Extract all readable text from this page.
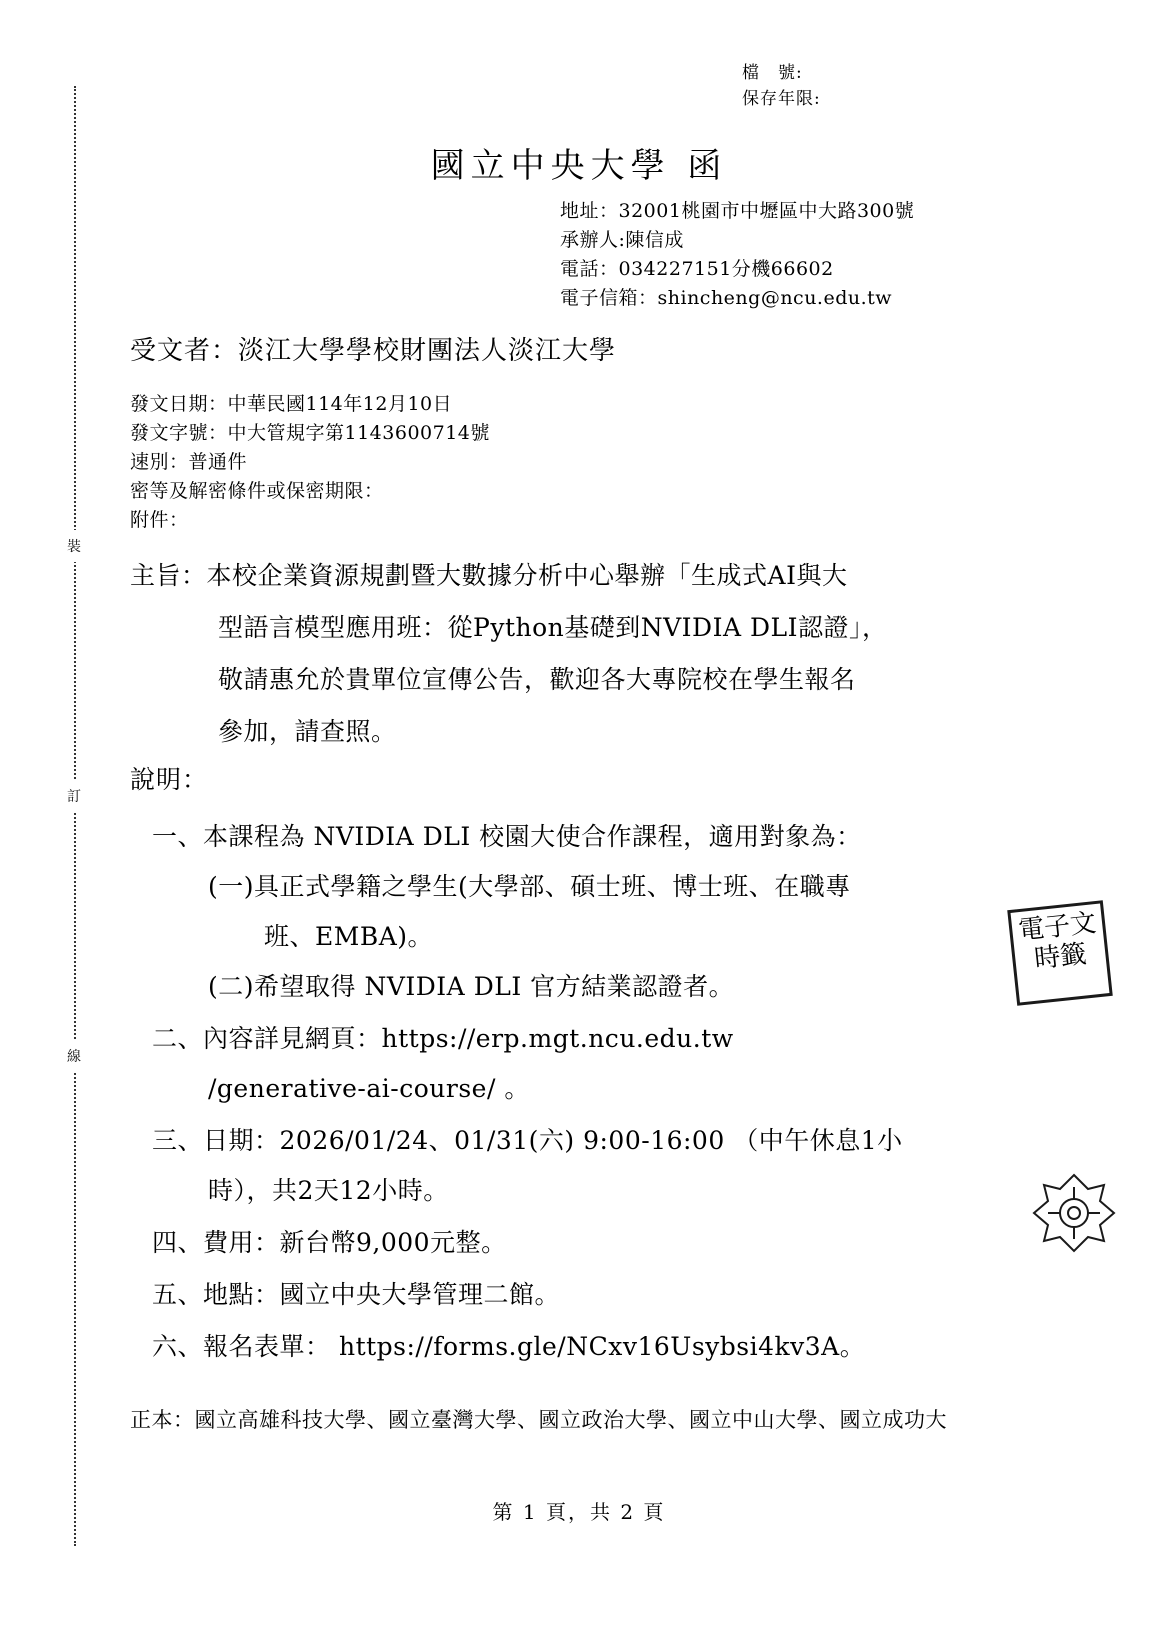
裝
訂
線
檔　號:
保存年限:
國立中央大學 函
地址：32001桃園市中壢區中大路300號
承辦人:陳信成
電話：034227151分機66602
電子信箱：shincheng@ncu.edu.tw
受文者：淡江大學學校財團法人淡江大學
發文日期：中華民國114年12月10日
發文字號：中大管規字第1143600714號
速別：普通件
密等及解密條件或保密期限：
附件：
主旨：本校企業資源規劃暨大數據分析中心舉辦「生成式AI與大
型語言模型應用班：從Python基礎到NVIDIA DLI認證」，
敬請惠允於貴單位宣傳公告，歡迎各大專院校在學生報名
參加，請查照。
說明：
一、本課程為 NVIDIA DLI 校園大使合作課程，適用對象為：
(一)具正式學籍之學生(大學部、碩士班、博士班、在職專
班、EMBA)。
(二)希望取得 NVIDIA DLI 官方結業認證者。
二、內容詳見網頁：https://erp.mgt.ncu.edu.tw
/generative-ai-course/ 。
三、日期：2026/01/24、01/31(六) 9:00-16:00 （中午休息1小
時），共2天12小時。
四、費用：新台幣9,000元整。
五、地點：國立中央大學管理二館。
六、報名表單： https://forms.gle/NCxv16Usybsi4kv3A。
正本：國立高雄科技大學、國立臺灣大學、國立政治大學、國立中山大學、國立成功大
第 1 頁，共 2 頁
電子文時籤
